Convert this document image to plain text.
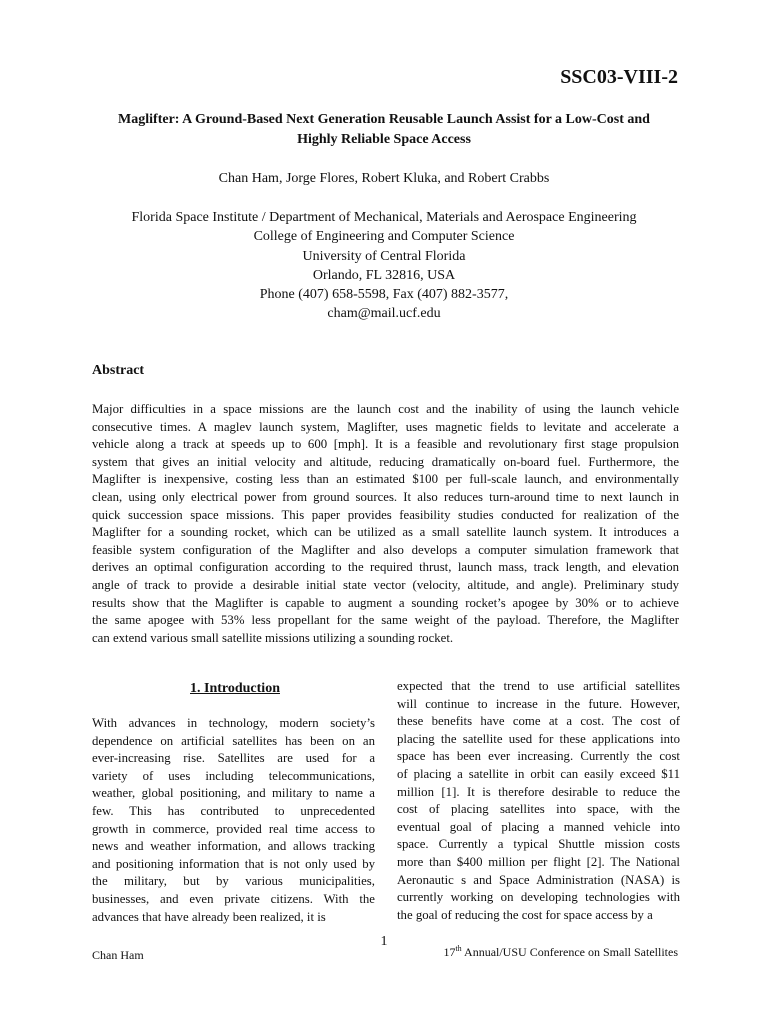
SSC03-VIII-2
Maglifter: A Ground-Based Next Generation Reusable Launch Assist for a Low-Cost and
Highly Reliable Space Access
Chan Ham, Jorge Flores, Robert Kluka, and Robert Crabbs
Florida Space Institute / Department of Mechanical, Materials and Aerospace Engineering
College of Engineering and Computer Science
University of Central Florida
Orlando, FL 32816, USA
Phone (407) 658-5598, Fax (407) 882-3577,
cham@mail.ucf.edu
Abstract
Major difficulties in a space missions are the launch cost and the inability of using the launch vehicle
consecutive times. A maglev launch system, Maglifter, uses magnetic fields to levitate and accelerate a
vehicle along a track at speeds up to 600 [mph]. It is a feasible and revolutionary first stage propulsion
system that gives an initial velocity and altitude, reducing dramatically on-board fuel. Furthermore, the
Maglifter is inexpensive, costing less than an estimated $100 per full-scale launch, and environmentally
clean, using only electrical power from ground sources. It also reduces turn-around time to next launch in
quick succession space missions. This paper provides feasibility studies conducted for realization of the
Maglifter for a sounding rocket, which can be utilized as a small satellite launch system. It introduces a
feasible system configuration of the Maglifter and also develops a computer simulation framework that
derives an optimal configuration according to the required thrust, launch mass, track length, and elevation
angle of track to provide a desirable initial state vector (velocity, altitude, and angle). Preliminary study
results show that the Maglifter is capable to augment a sounding rocket’s apogee by 30% or to achieve
the same apogee with 53% less propellant for the same weight of the payload. Therefore, the Maglifter
can extend various small satellite missions utilizing a sounding rocket.
1. Introduction
With advances in technology, modern society’s
dependence on artificial satellites has been on an
ever-increasing rise. Satellites are used for a
variety of uses including telecommunications,
weather, global positioning, and military to name a
few. This has contributed to unprecedented
growth in commerce, provided real time access to
news and weather information, and allows tracking
and positioning information that is not only used by
the military, but by various municipalities,
businesses, and even private citizens. With the
advances that have already been realized, it is
expected that the trend to use artificial satellites
will continue to increase in the future. However,
these benefits have come at a cost. The cost of
placing the satellite used for these applications into
space has been ever increasing. Currently the cost
of placing a satellite in orbit can easily exceed $11
million [1]. It is therefore desirable to reduce the
cost of placing satellites into space, with the
eventual goal of placing a manned vehicle into
space. Currently a typical Shuttle mission costs
more than $400 million per flight [2]. The National
Aeronautic s and Space Administration (NASA) is
currently working on developing technologies with
the goal of reducing the cost for space access by a
1
Chan Ham	17th Annual/USU Conference on Small Satellites
